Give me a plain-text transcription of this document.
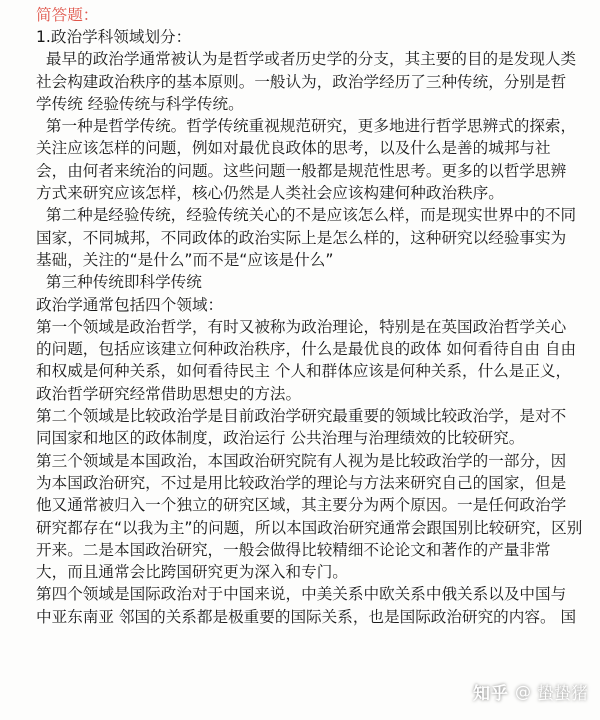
简答题：
1.政治学科领域划分：
最早的政治学通常被认为是哲学或者历史学的分支，其主要的目的是发现人类
社会构建政治秩序的基本原则。一般认为，政治学经历了三种传统，分别是哲
学传统 经验传统与科学传统。
第一种是哲学传统。哲学传统重视规范研究，更多地进行哲学思辨式的探索，
关注应该怎样的问题，例如对最优良政体的思考，以及什么是善的城邦与社
会，由何者来统治的问题。这些问题一般都是规范性思考。更多的以哲学思辨
方式来研究应该怎样，核心仍然是人类社会应该构建何种政治秩序。
第二种是经验传统，经验传统关心的不是应该怎么样，而是现实世界中的不同
国家，不同城邦，不同政体的政治实际上是怎么样的，这种研究以经验事实为
基础，关注的“是什么”而不是“应该是什么”
第三种传统即科学传统
政治学通常包括四个领域：
第一个领域是政治哲学，有时又被称为政治理论，特别是在英国政治哲学关心
的问题，包括应该建立何种政治秩序，什么是最优良的政体 如何看待自由 自由
和权威是何种关系，如何看待民主 个人和群体应该是何种关系，什么是正义，
政治哲学研究经常借助思想史的方法。
第二个领域是比较政治学是目前政治学研究最重要的领域比较政治学，是对不
同国家和地区的政体制度，政治运行 公共治理与治理绩效的比较研究。
第三个领域是本国政治，本国政治研究院有人视为是比较政治学的一部分，因
为本国政治研究，不过是用比较政治学的理论与方法来研究自己的国家，但是
他又通常被归入一个独立的研究区域，其主要分为两个原因。一是任何政治学
研究都存在“以我为主”的问题，所以本国政治研究通常会跟国别比较研究，区别
开来。二是本国政治研究，一般会做得比较精细不论论文和著作的产量非常
大，而且通常会比跨国研究更为深入和专门。
第四个领域是国际政治对于中国来说，中美关系中欧关系中俄关系以及中国与
中亚东南亚 邻国的关系都是极重要的国际关系，也是国际政治研究的内容。 国
知乎 @ 蛰蛰猪
